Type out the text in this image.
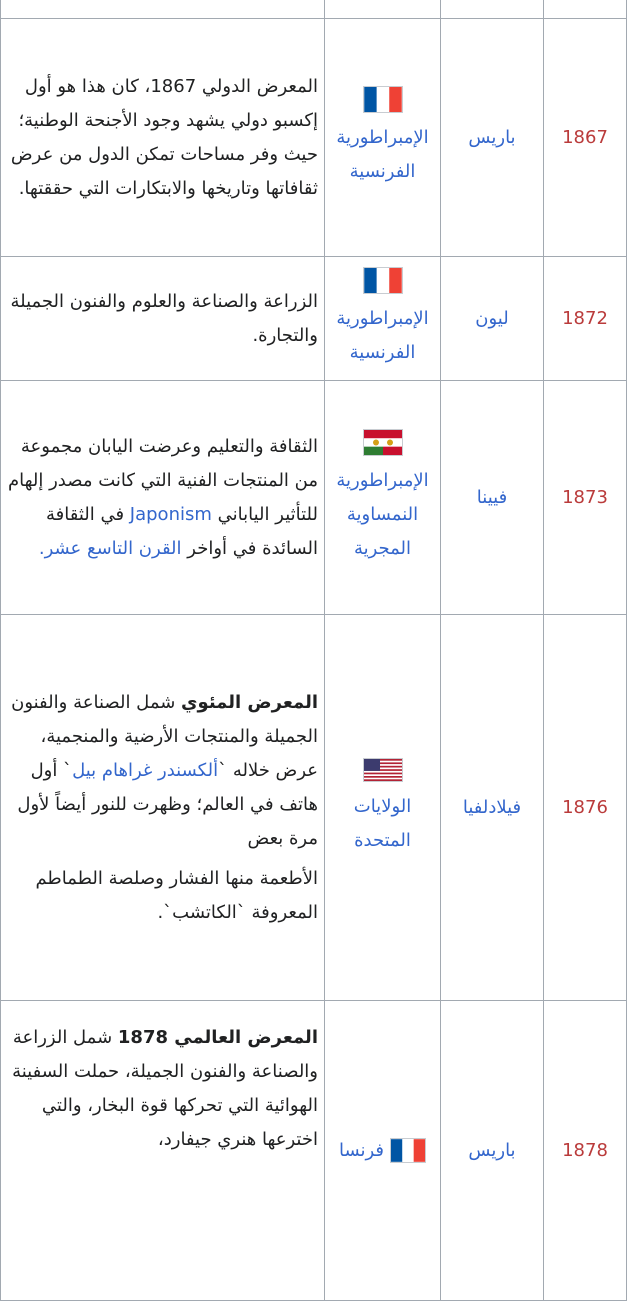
1867	باريس	الإمبراطورية الفرنسية	المعرض الدولي 1867، كان هذا هو أول إكسبو دولي يشهد وجود الأجنحة الوطنية؛ حيث وفر مساحات تمكن الدول من عرض ثقافاتها وتاريخها والابتكارات التي حققتها.
1872	ليون	الإمبراطورية الفرنسية	الزراعة والصناعة والعلوم والفنون الجميلة والتجارة.
1873	فيينا	الإمبراطورية النمساوية المجرية	الثقافة والتعليم وعرضت اليابان مجموعة من المنتجات الفنية التي كانت مصدر إلهام للتأثير الياباني Japonism في الثقافة السائدة في أواخر القرن التاسع عشر.
1876	فيلادلفيا	الولايات المتحدة	المعرض المئوي شمل الصناعة والفنون الجميلة والمنتجات الأرضية والمنجمية، عرض خلاله `ألكسندر غراهام بيل` أول هاتف في العالم؛ وظهرت للنور أيضاً لأول مرة بعض
الأطعمة منها الفشار وصلصة الطماطم المعروفة `الكاتشب`.

1878	باريس	فرنسا	المعرض العالمي 1878 شمل الزراعة والصناعة والفنون الجميلة، حملت السفينة الهوائية التي تحركها قوة البخار، والتي اخترعها هنري جيفارد،
